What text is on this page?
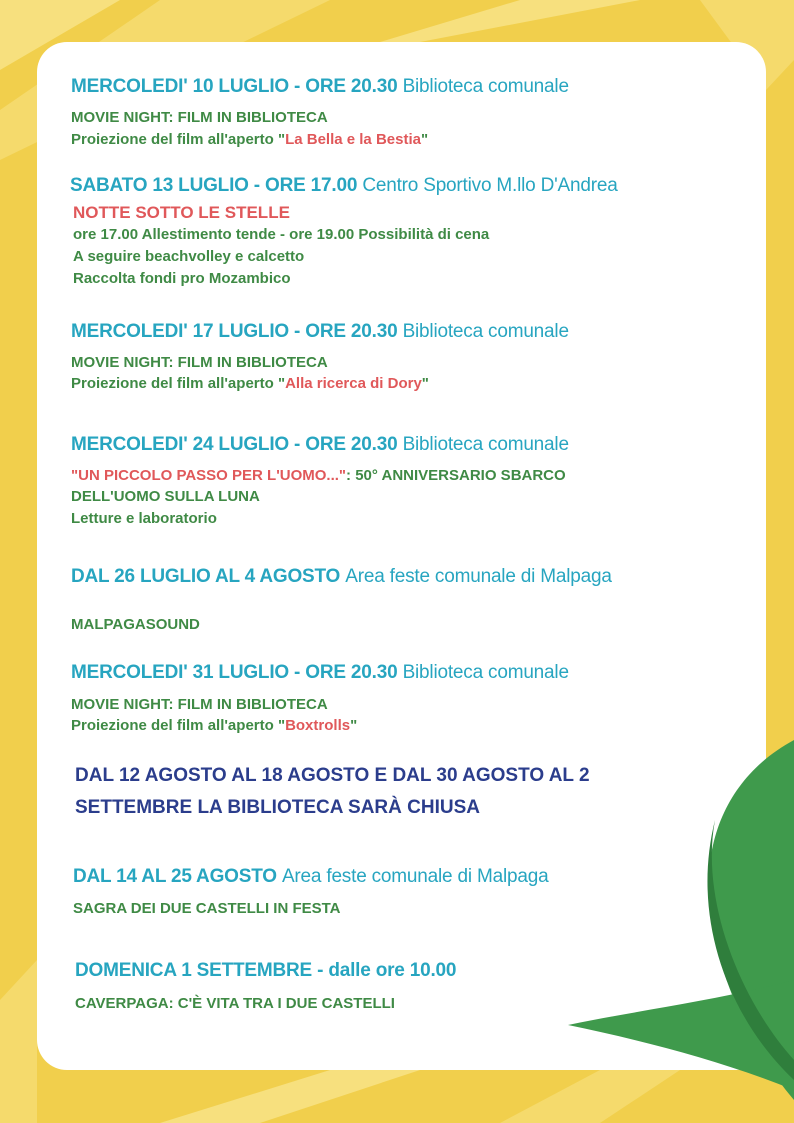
MERCOLEDI' 10 LUGLIO - ORE 20.30 Biblioteca comunale
MOVIE NIGHT: FILM IN BIBLIOTECA
Proiezione del film all'aperto "La Bella e la Bestia"
SABATO 13 LUGLIO - ORE 17.00 Centro Sportivo M.llo D'Andrea
NOTTE SOTTO LE STELLE
ore 17.00 Allestimento tende - ore 19.00 Possibilità di cena
A seguire beachvolley e calcetto
Raccolta fondi pro Mozambico
MERCOLEDI' 17 LUGLIO - ORE 20.30 Biblioteca comunale
MOVIE NIGHT: FILM IN BIBLIOTECA
Proiezione del film all'aperto "Alla ricerca di Dory"
MERCOLEDI' 24 LUGLIO - ORE 20.30 Biblioteca comunale
"UN PICCOLO PASSO PER L'UOMO...": 50° ANNIVERSARIO SBARCO
DELL'UOMO SULLA LUNA
Letture e laboratorio
DAL 26 LUGLIO AL 4 AGOSTO Area feste comunale di Malpaga
MALPAGASOUND
MERCOLEDI' 31 LUGLIO - ORE 20.30 Biblioteca comunale
MOVIE NIGHT: FILM IN BIBLIOTECA
Proiezione del film all'aperto "Boxtrolls"
DAL 12 AGOSTO AL 18 AGOSTO E DAL 30 AGOSTO AL 2
SETTEMBRE LA BIBLIOTECA SARÀ CHIUSA
DAL 14 AL 25 AGOSTO Area feste comunale di Malpaga
SAGRA DEI DUE CASTELLI IN FESTA
DOMENICA 1 SETTEMBRE - dalle ore 10.00
CAVERPAGA: C'È VITA TRA I DUE CASTELLI
